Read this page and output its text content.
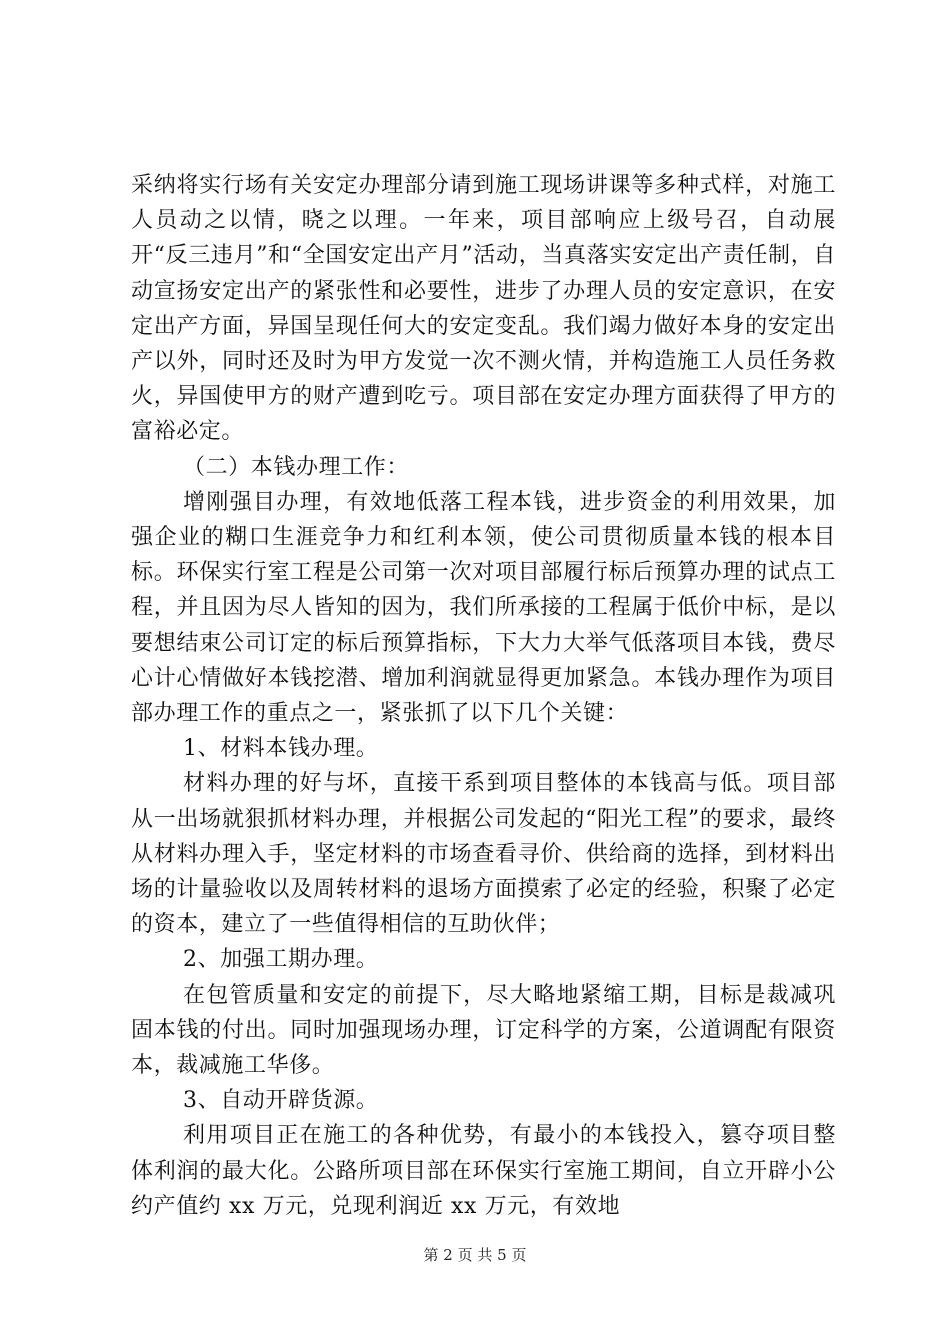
采纳将实行场有关安定办理部分请到施工现场讲课等多种式样，对施工人员动之以情，晓之以理。一年来，项目部响应上级号召，自动展开“反三违月”和“全国安定出产月”活动，当真落实安定出产责任制，自动宣扬安定出产的紧张性和必要性，进步了办理人员的安定意识，在安定出产方面，异国呈现任何大的安定变乱。我们竭力做好本身的安定出产以外，同时还及时为甲方发觉一次不测火情，并构造施工人员任务救火，异国使甲方的财产遭到吃亏。项目部在安定办理方面获得了甲方的富裕必定。

（二）本钱办理工作：

增刚强目办理，有效地低落工程本钱，进步资金的利用效果，加强企业的糊口生涯竞争力和红利本领，使公司贯彻质量本钱的根本目标。环保实行室工程是公司第一次对项目部履行标后预算办理的试点工程，并且因为尽人皆知的因为，我们所承接的工程属于低价中标，是以要想结束公司订定的标后预算指标，下大力大举气低落项目本钱，费尽心计心情做好本钱挖潜、增加利润就显得更加紧急。本钱办理作为项目部办理工作的重点之一，紧张抓了以下几个关键：

1、材料本钱办理。

材料办理的好与坏，直接干系到项目整体的本钱高与低。项目部从一出场就狠抓材料办理，并根据公司发起的“阳光工程”的要求，最终从材料办理入手，坚定材料的市场查看寻价、供给商的选择，到材料出场的计量验收以及周转材料的退场方面摸索了必定的经验，积聚了必定的资本，建立了一些值得相信的互助伙伴；

2、加强工期办理。

在包管质量和安定的前提下，尽大略地紧缩工期，目标是裁减巩固本钱的付出。同时加强现场办理，订定科学的方案，公道调配有限资本，裁减施工华侈。

3、自动开辟货源。

利用项目正在施工的各种优势，有最小的本钱投入，篡夺项目整体利润的最大化。公路所项目部在环保实行室施工期间，自立开辟小公约产值约 xx 万元，兑现利润近 xx 万元，有效地

第 2 页 共 5 页
